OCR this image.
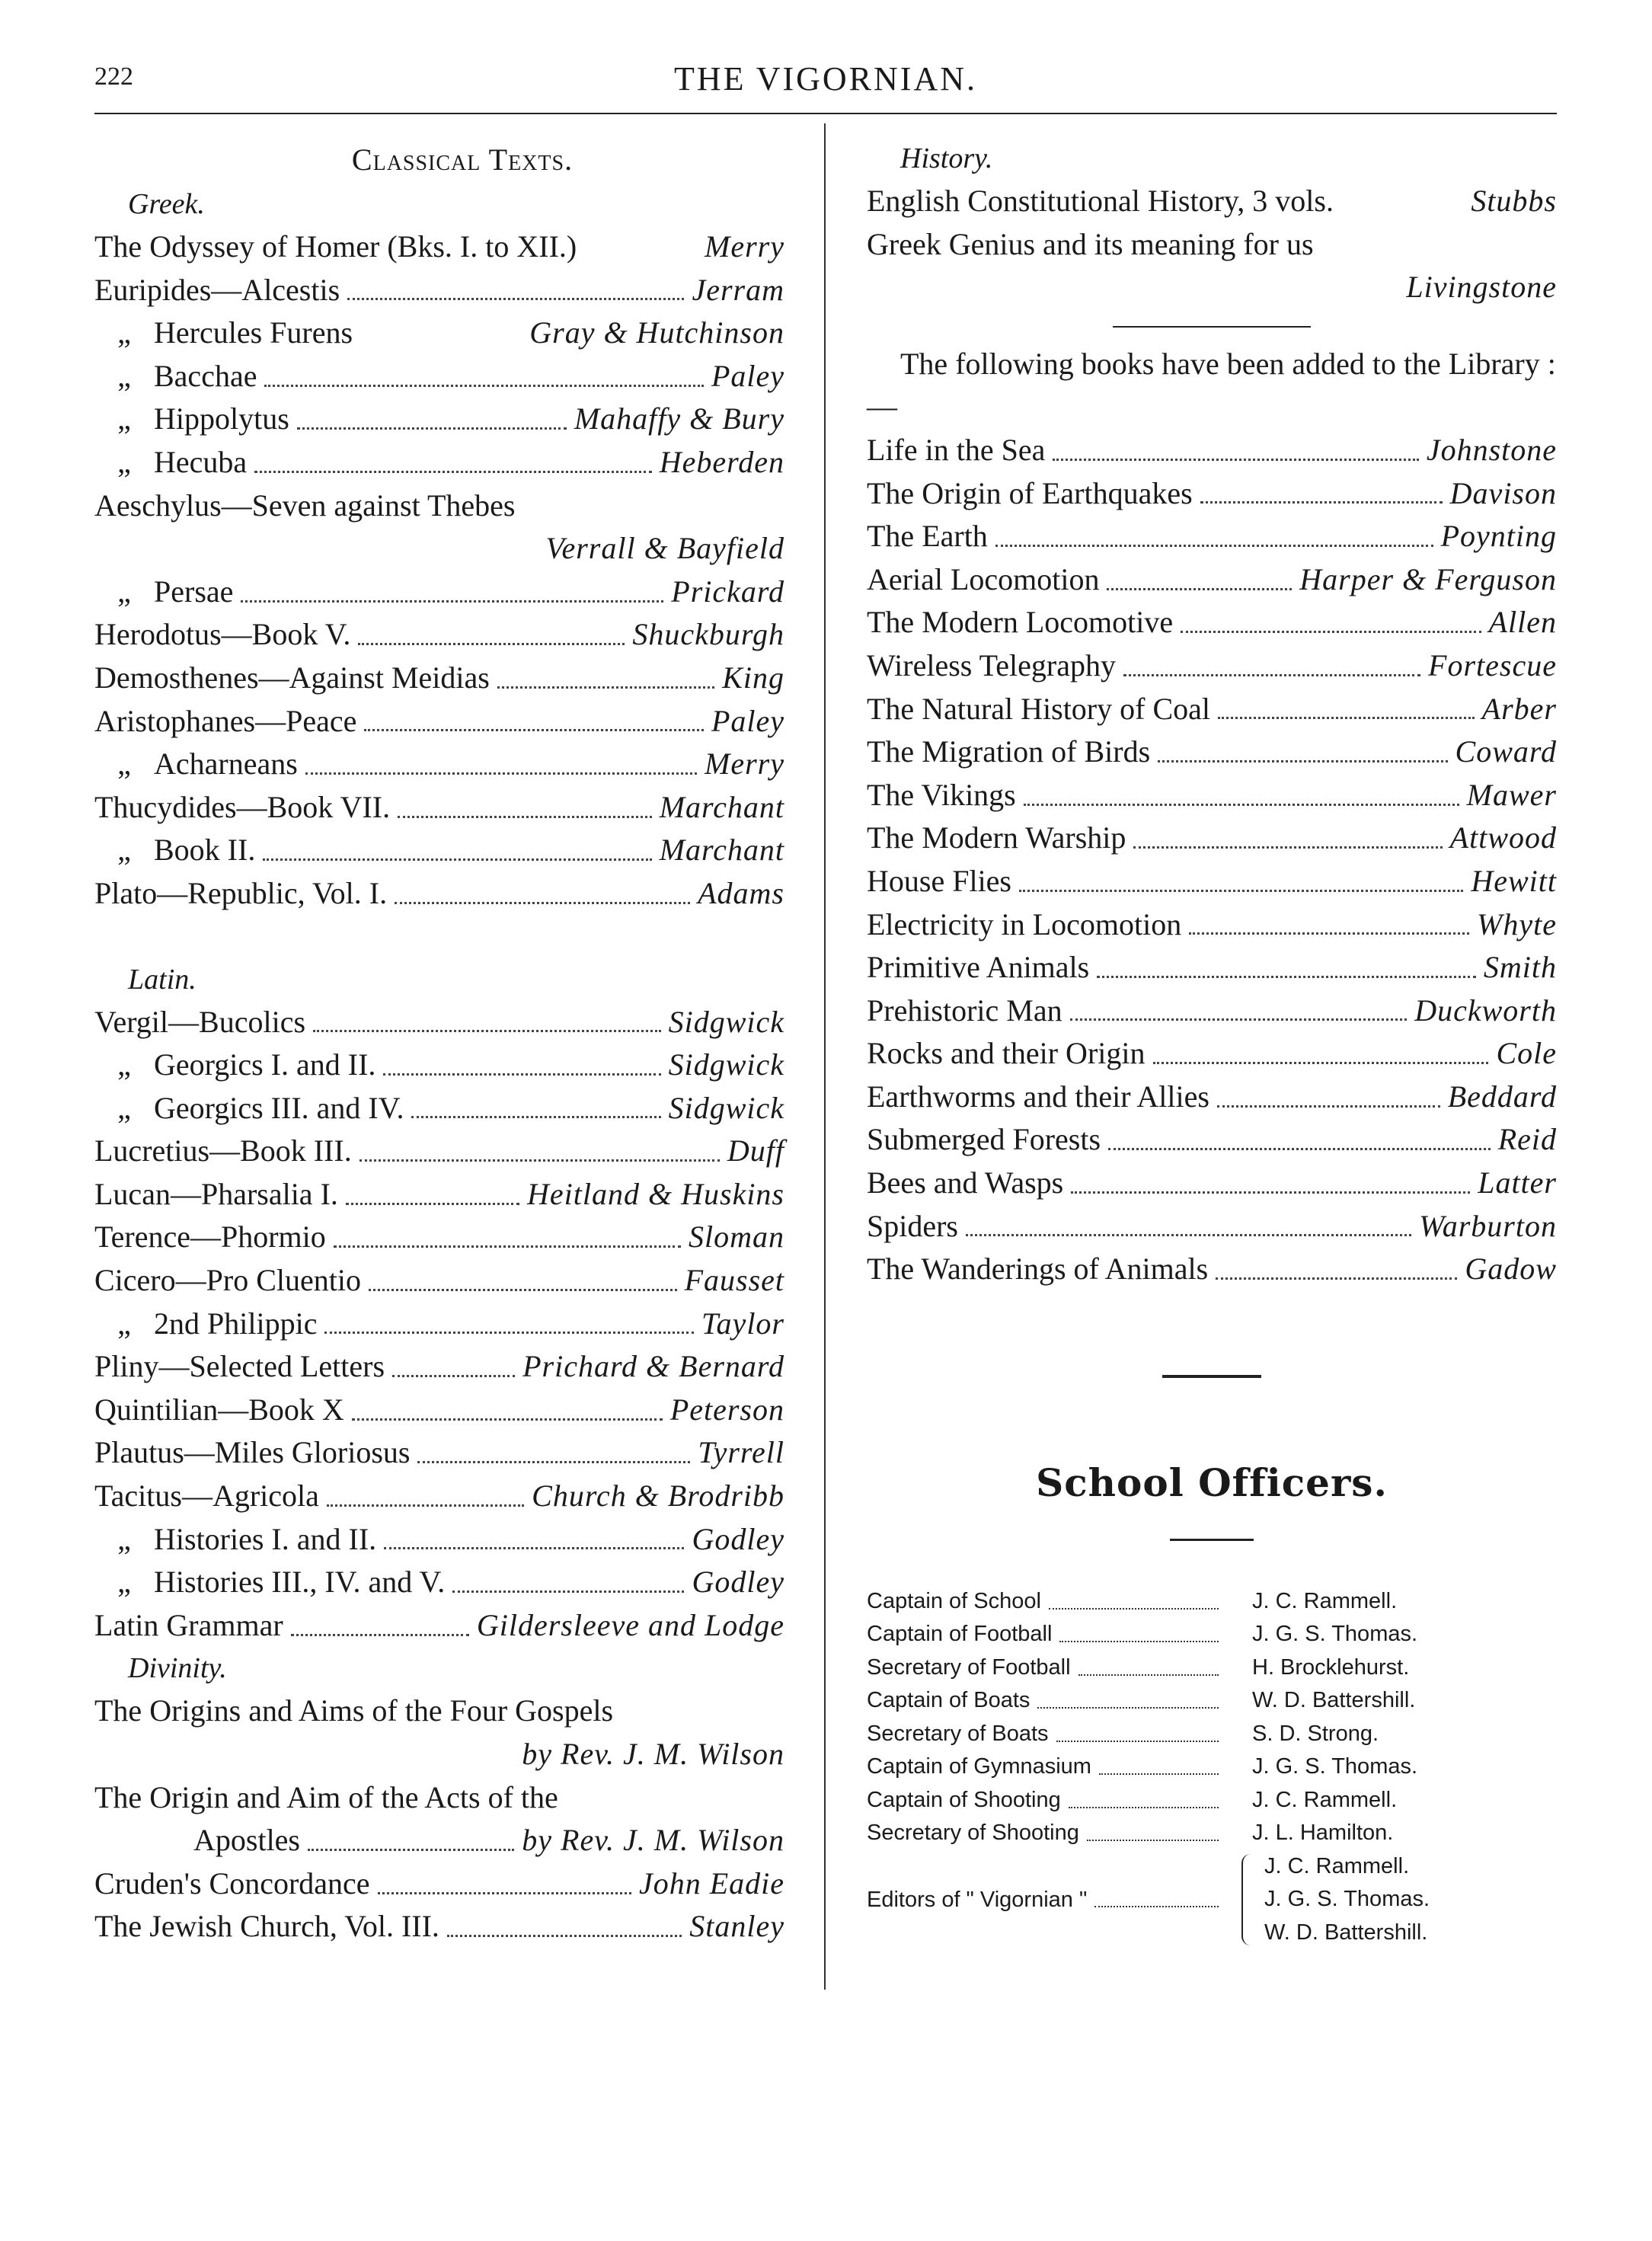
222	THE VIGORNIAN.
Classical Texts.
Greek.
The Odyssey of Homer (Bks. I. to XII.)	Merry
Euripides—Alcestis	Jerram
„ Hercules Furens	Gray & Hutchinson
„ Bacchae	Paley
„ Hippolytus	Mahaffy & Bury
„ Hecuba	Heberden
Aeschylus—Seven against Thebes
Verrall & Bayfield
„ Persae	Prickard
Herodotus—Book V.	Shuckburgh
Demosthenes—Against Meidias	King
Aristophanes—Peace	Paley
„ Acharneans	Merry
Thucydides—Book VII.	Marchant
„ Book II.	Marchant
Plato—Republic, Vol. I.	Adams
Latin.
Vergil—Bucolics	Sidgwick
„ Georgics I. and II.	Sidgwick
„ Georgics III. and IV.	Sidgwick
Lucretius—Book III.	Duff
Lucan—Pharsalia I.	Heitland & Huskins
Terence—Phormio	Sloman
Cicero—Pro Cluentio	Fausset
„ 2nd Philippic	Taylor
Pliny—Selected Letters	Prichard & Bernard
Quintilian—Book X	Peterson
Plautus—Miles Gloriosus	Tyrrell
Tacitus—Agricola	Church & Brodribb
„ Histories I. and II.	Godley
„ Histories III., IV. and V.	Godley
Latin Grammar	Gildersleeve and Lodge
Divinity.
The Origins and Aims of the Four Gospels
by Rev. J. M. Wilson
The Origin and Aim of the Acts of the
Apostles	by Rev. J. M. Wilson
Cruden's Concordance	John Eadie
The Jewish Church, Vol. III.	Stanley
History.
English Constitutional History, 3 vols.	Stubbs
Greek Genius and its meaning for us
Livingstone
The following books have been added to the Library :—
Life in the Sea	Johnstone
The Origin of Earthquakes	Davison
The Earth	Poynting
Aerial Locomotion	Harper & Ferguson
The Modern Locomotive	Allen
Wireless Telegraphy	Fortescue
The Natural History of Coal	Arber
The Migration of Birds	Coward
The Vikings	Mawer
The Modern Warship	Attwood
House Flies	Hewitt
Electricity in Locomotion	Whyte
Primitive Animals	Smith
Prehistoric Man	Duckworth
Rocks and their Origin	Cole
Earthworms and their Allies	Beddard
Submerged Forests	Reid
Bees and Wasps	Latter
Spiders	Warburton
The Wanderings of Animals	Gadow
School Officers.
Captain of School	J. C. Rammell.
Captain of Football	J. G. S. Thomas.
Secretary of Football	H. Brocklehurst.
Captain of Boats	W. D. Battershill.
Secretary of Boats	S. D. Strong.
Captain of Gymnasium	J. G. S. Thomas.
Captain of Shooting	J. C. Rammell.
Secretary of Shooting	J. L. Hamilton.
Editors of " Vigornian "
J. C. Rammell.
J. G. S. Thomas.
W. D. Battershill.
